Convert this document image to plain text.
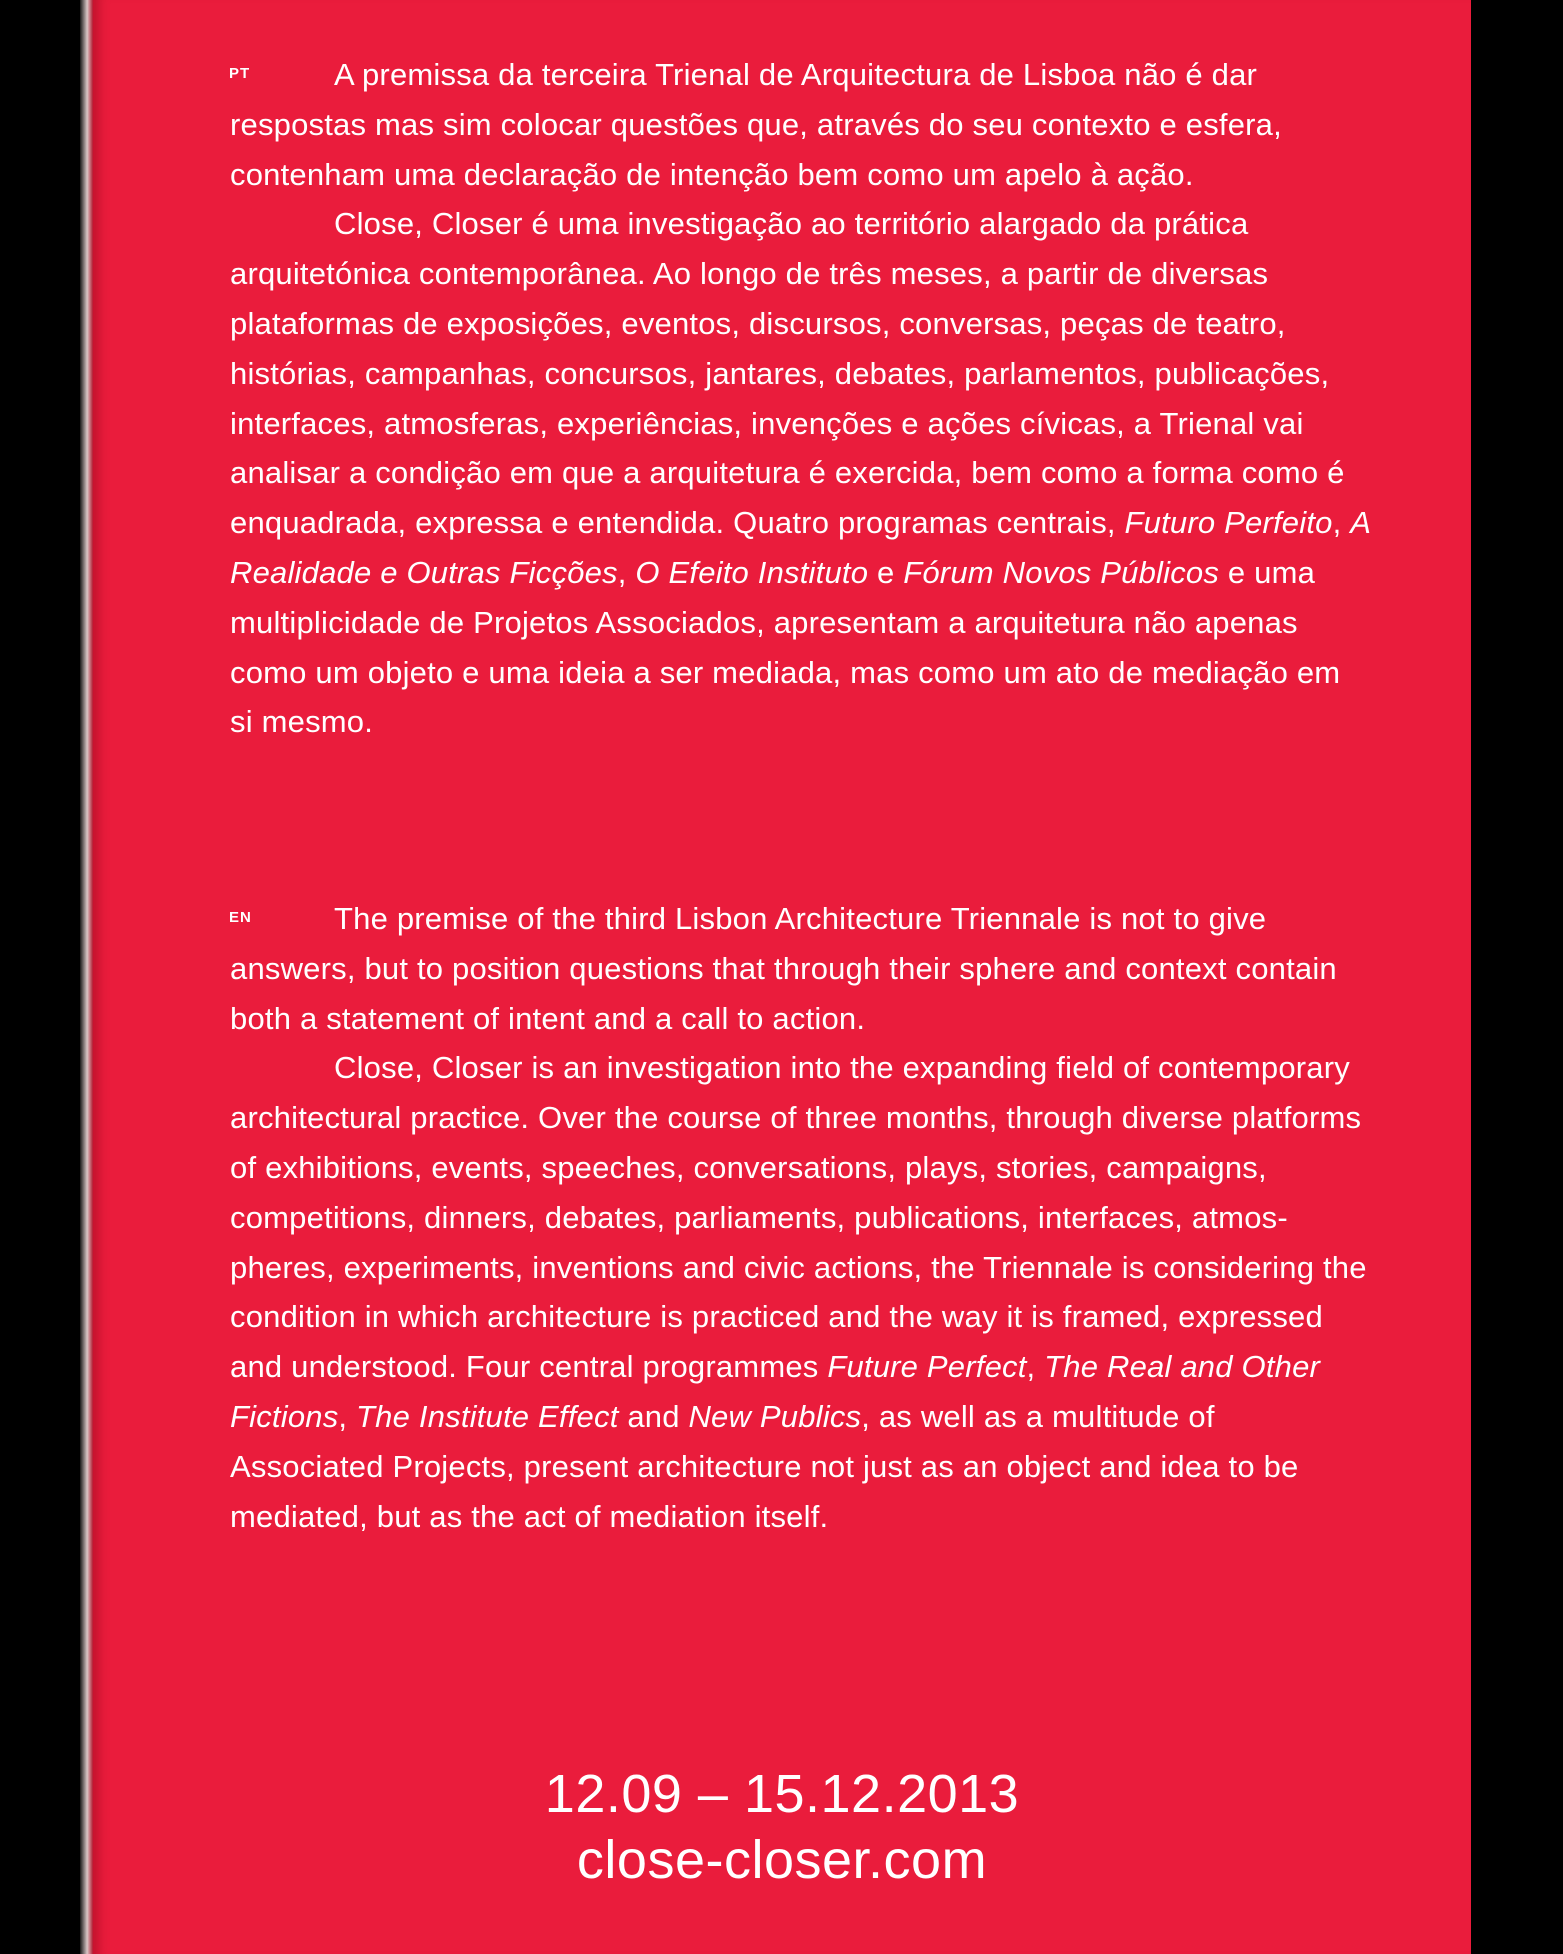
PT	A premissa da terceira Trienal de Arquitectura de Lisboa não é dar respostas mas sim colocar questões que, através do seu contexto e esfera, contenham uma declaração de intenção bem como um apelo à ação.

Close, Closer é uma investigação ao território alargado da prática arquitetónica contemporânea. Ao longo de três meses, a partir de diversas plataformas de exposições, eventos, discursos, conversas, peças de teatro, histórias, campanhas, concursos, jantares, debates, parlamentos, publicações, interfaces, atmosferas, experiências, invenções e ações cívicas, a Trienal vai analisar a condição em que a arquitetura é exercida, bem como a forma como é enquadrada, expressa e entendida. Quatro programas centrais, Futuro Perfeito, A Realidade e Outras Ficções, O Efeito Instituto e Fórum Novos Públicos e uma multiplicidade de Projetos Associados, apresentam a arquitetura não apenas como um objeto e uma ideia a ser mediada, mas como um ato de mediação em si mesmo.

EN	The premise of the third Lisbon Architecture Triennale is not to give answers, but to position questions that through their sphere and context contain both a statement of intent and a call to action.

Close, Closer is an investigation into the expanding field of contemporary architectural practice. Over the course of three months, through diverse platforms of exhibitions, events, speeches, conversations, plays, stories, campaigns, competitions, dinners, debates, parliaments, publications, interfaces, atmos-pheres, experiments, inventions and civic actions, the Triennale is considering the condition in which architecture is practiced and the way it is framed, expressed and understood. Four central programmes Future Perfect, The Real and Other Fictions, The Institute Effect and New Publics, as well as a multitude of Associated Projects, present architecture not just as an object and idea to be mediated, but as the act of mediation itself.

12.09 – 15.12.2013
close-closer.com
